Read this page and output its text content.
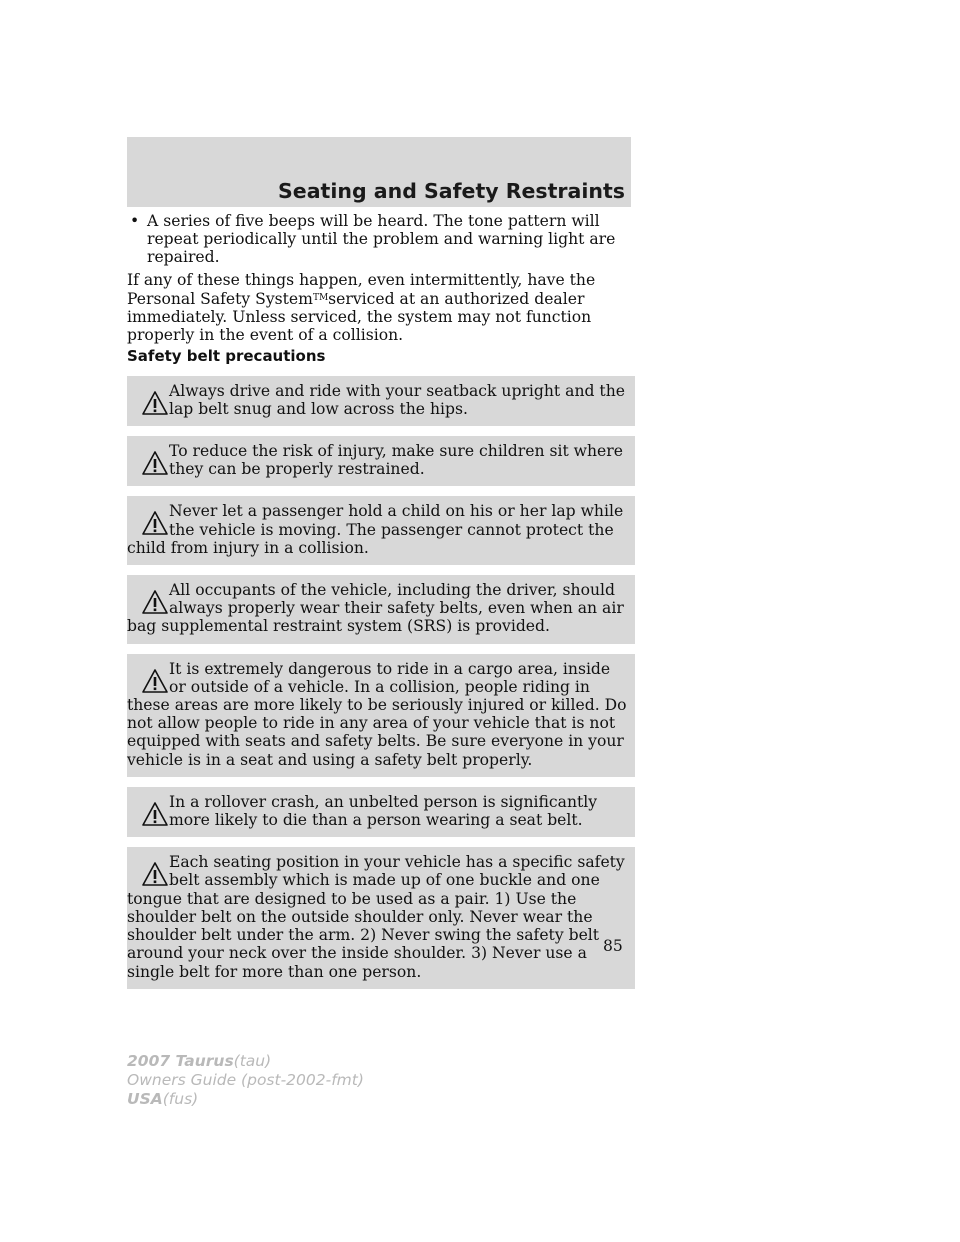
Seating and Safety Restraints
• A series of five beeps will be heard. The tone pattern will repeat periodically until the problem and warning light are repaired.

If any of these things happen, even intermittently, have the Personal Safety System™serviced at an authorized dealer immediately. Unless serviced, the system may not function properly in the event of a collision.

Safety belt precautions
Always drive and ride with your seatback upright and the lap belt snug and low across the hips.
To reduce the risk of injury, make sure children sit where they can be properly restrained.
Never let a passenger hold a child on his or her lap while the vehicle is moving. The passenger cannot protect the child from injury in a collision.
All occupants of the vehicle, including the driver, should always properly wear their safety belts, even when an air bag supplemental restraint system (SRS) is provided.
It is extremely dangerous to ride in a cargo area, inside or outside of a vehicle. In a collision, people riding in these areas are more likely to be seriously injured or killed. Do not allow people to ride in any area of your vehicle that is not equipped with seats and safety belts. Be sure everyone in your vehicle is in a seat and using a safety belt properly.
In a rollover crash, an unbelted person is significantly more likely to die than a person wearing a seat belt.
Each seating position in your vehicle has a specific safety belt assembly which is made up of one buckle and one tongue that are designed to be used as a pair. 1) Use the shoulder belt on the outside shoulder only. Never wear the shoulder belt under the arm. 2) Never swing the safety belt around your neck over the inside shoulder. 3) Never use a single belt for more than one person.
85
2007 Taurus(tau)
Owners Guide (post-2002-fmt)
USA(fus)
